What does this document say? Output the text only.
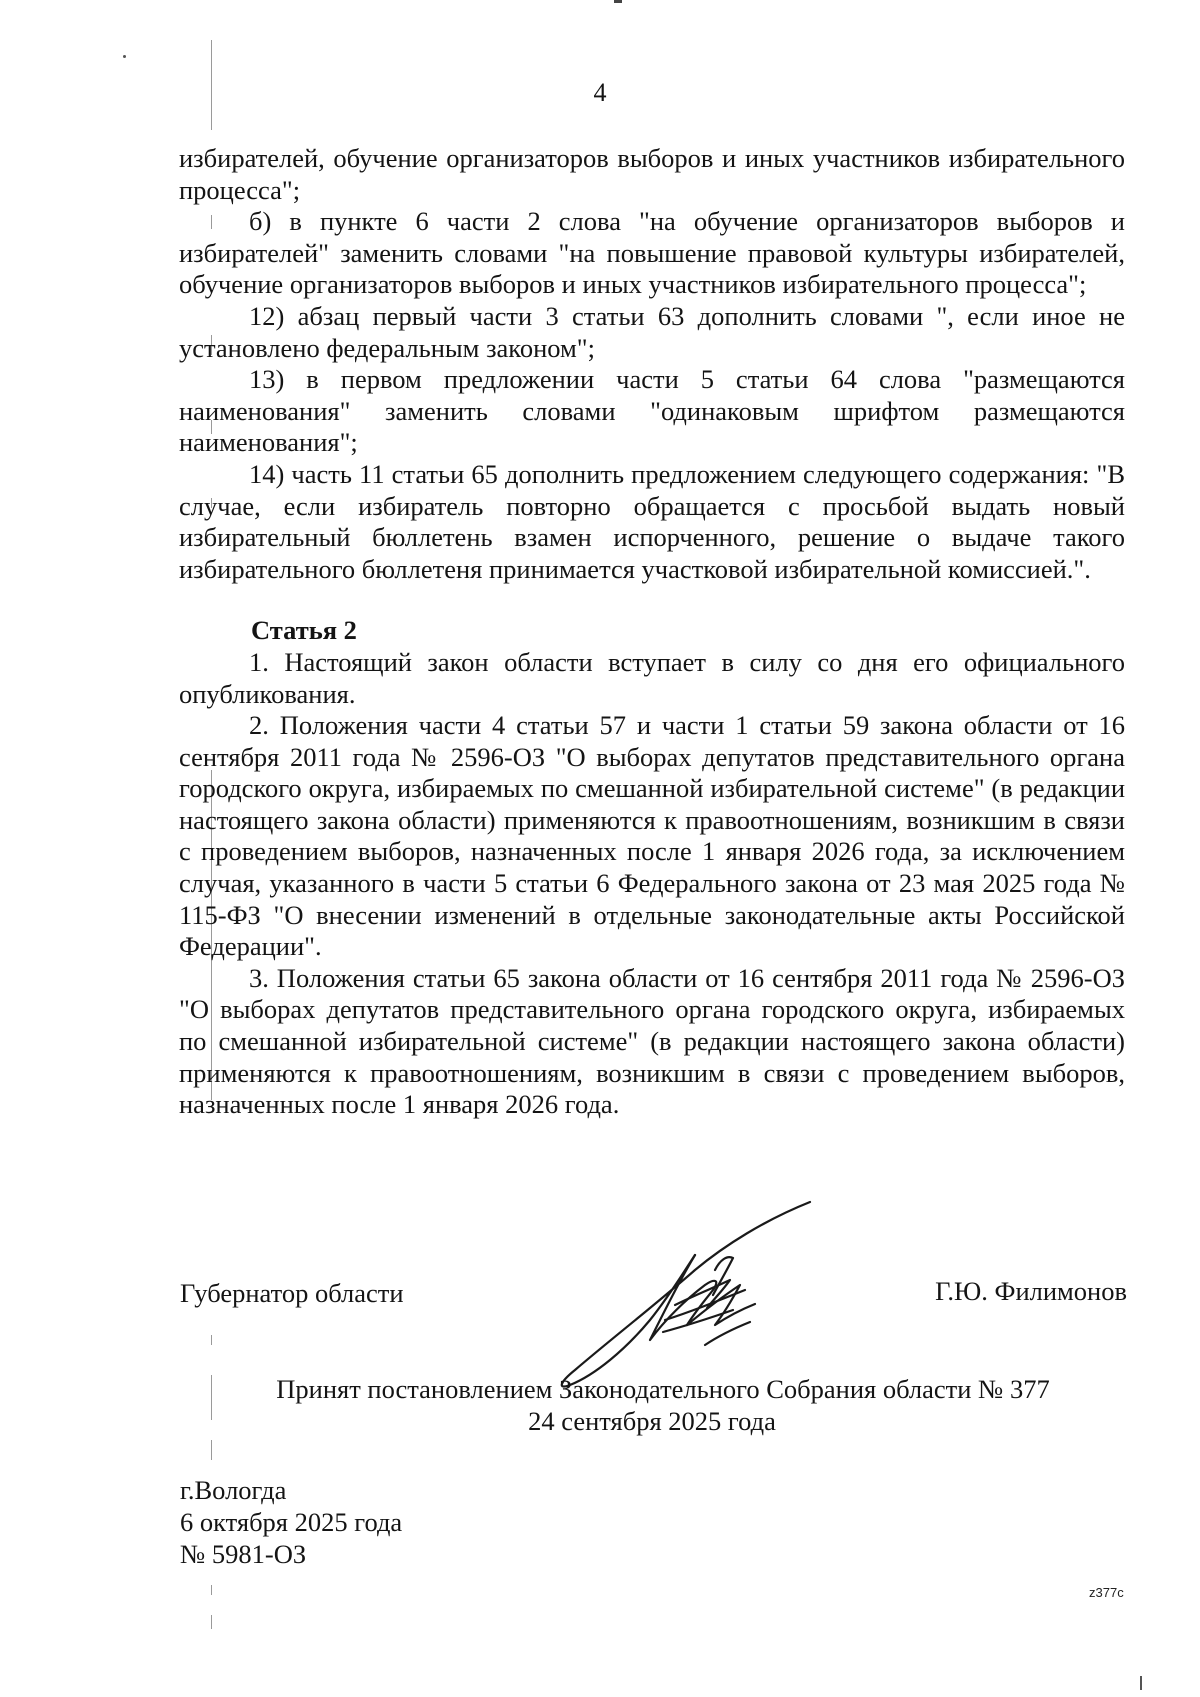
4

избирателей, обучение организаторов выборов и иных участников избирательного процесса";

б) в пункте 6 части 2 слова "на обучение организаторов выборов и избирателей" заменить словами "на повышение правовой культуры избирателей, обучение организаторов выборов и иных участников избирательного процесса";

12) абзац первый части 3 статьи 63 дополнить словами ", если иное не установлено федеральным законом";

13) в первом предложении части 5 статьи 64 слова "размещаются наименования" заменить словами "одинаковым шрифтом размещаются наименования";

14) часть 11 статьи 65 дополнить предложением следующего содержания: "В случае, если избиратель повторно обращается с просьбой выдать новый избирательный бюллетень взамен испорченного, решение о выдаче такого избирательного бюллетеня принимается участковой избирательной комиссией.".

Статья 2

1. Настоящий закон области вступает в силу со дня его официального опубликования.

2. Положения части 4 статьи 57 и части 1 статьи 59 закона области от 16 сентября 2011 года № 2596-ОЗ "О выборах депутатов представительного органа городского округа, избираемых по смешанной избирательной системе" (в редакции настоящего закона области) применяются к правоотношениям, возникшим в связи с проведением выборов, назначенных после 1 января 2026 года, за исключением случая, указанного в части 5 статьи 6 Федерального закона от 23 мая 2025 года № 115-ФЗ "О внесении изменений в отдельные законодательные акты Российской Федерации".

3. Положения статьи 65 закона области от 16 сентября 2011 года № 2596-ОЗ "О выборах депутатов представительного органа городского округа, избираемых по смешанной избирательной системе" (в редакции настоящего закона области) применяются к правоотношениям, возникшим в связи с проведением выборов, назначенных после 1 января 2026 года.

Губернатор области	Г.Ю. Филимонов
Принят постановлением Законодательного Собрания области № 377
24 сентября 2025 года
г.Вологда
6 октября 2025 года
№ 5981-ОЗ
z377c
